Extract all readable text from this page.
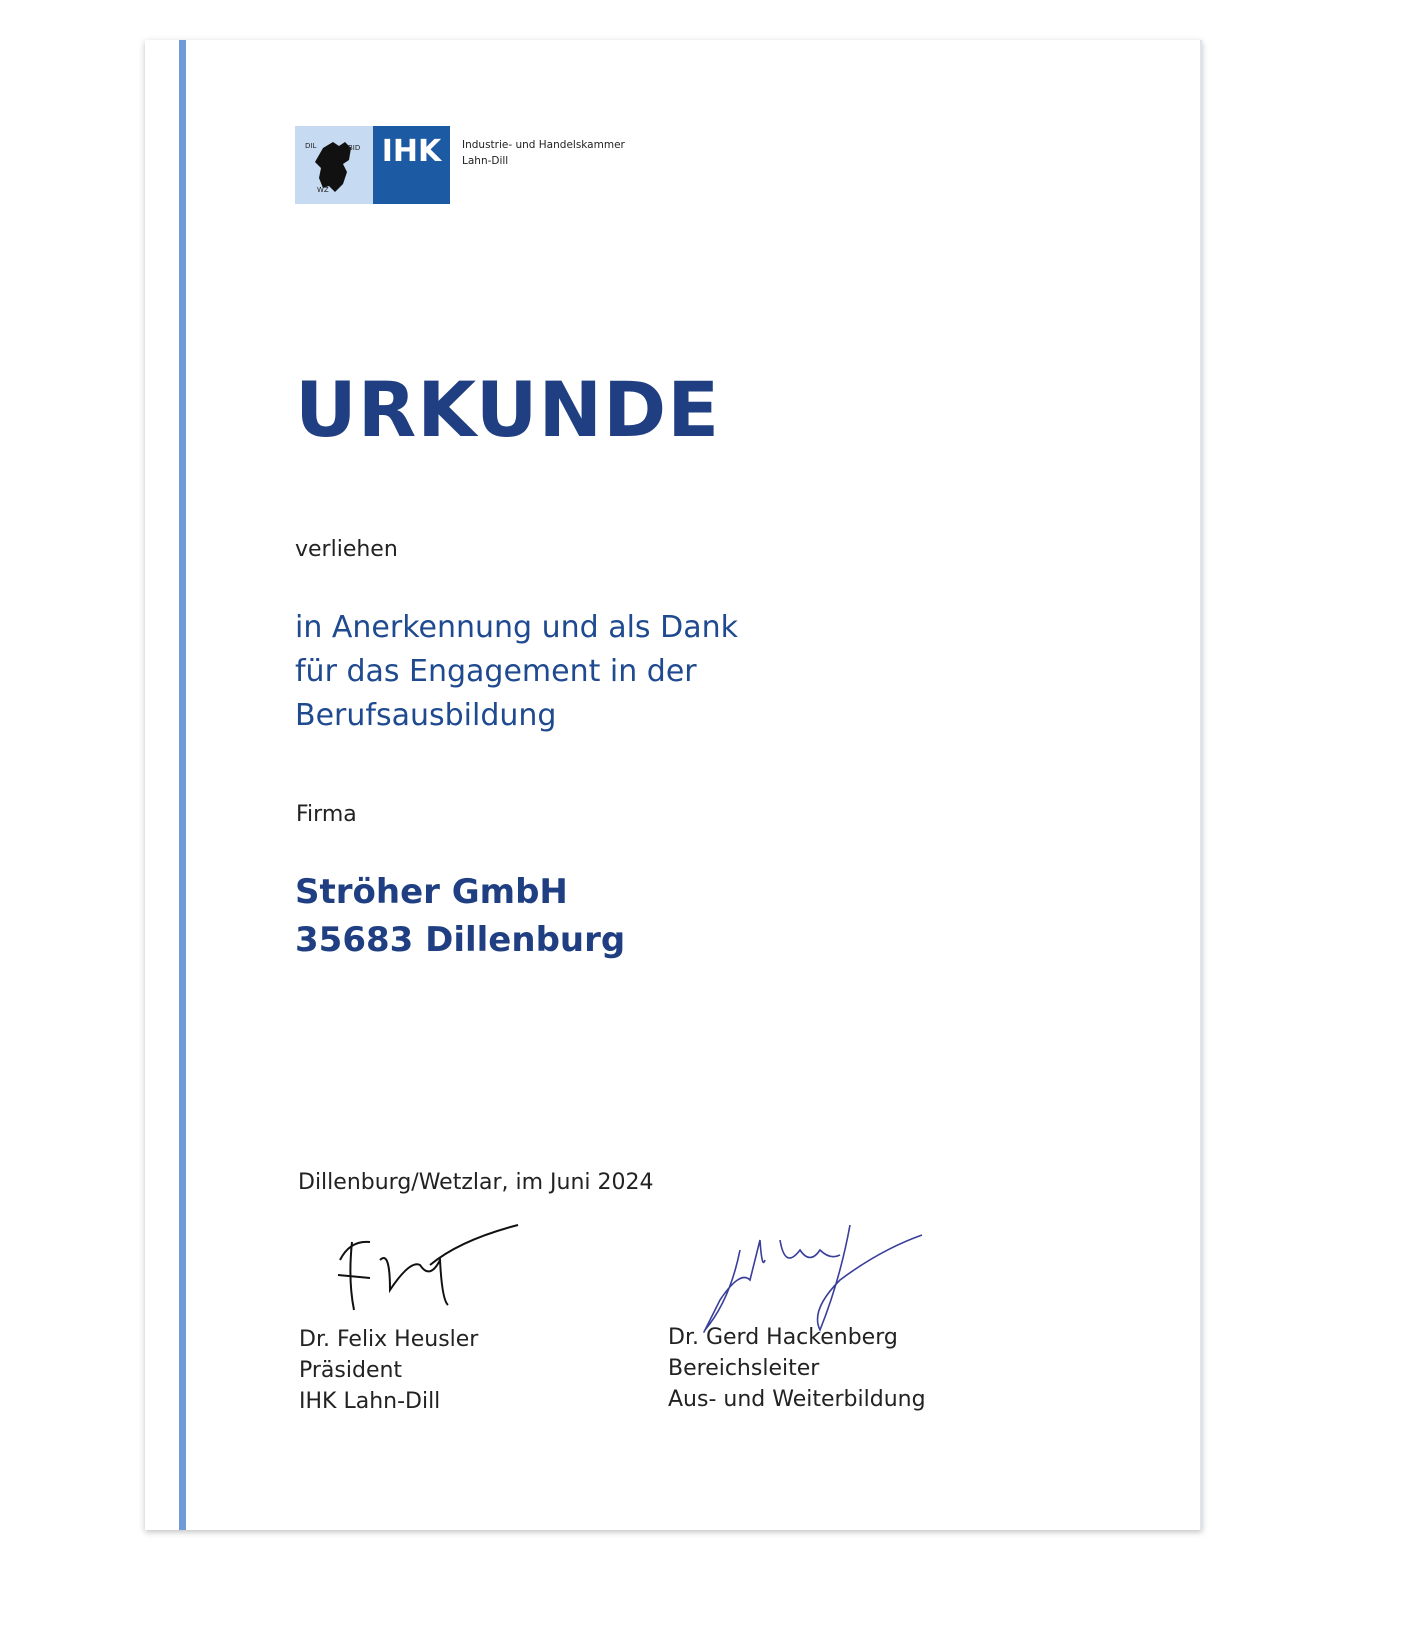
DIL	BID
WZ
IHK	Industrie- und Handelskammer
Lahn-Dill
URKUNDE
verliehen
in Anerkennung und als Dank
für das Engagement in der
Berufsausbildung
Firma
Ströher GmbH
35683 Dillenburg
Dillenburg/Wetzlar, im Juni 2024
Dr. Felix Heusler
Präsident
IHK Lahn-Dill
Dr. Gerd Hackenberg
Bereichsleiter
Aus- und Weiterbildung
